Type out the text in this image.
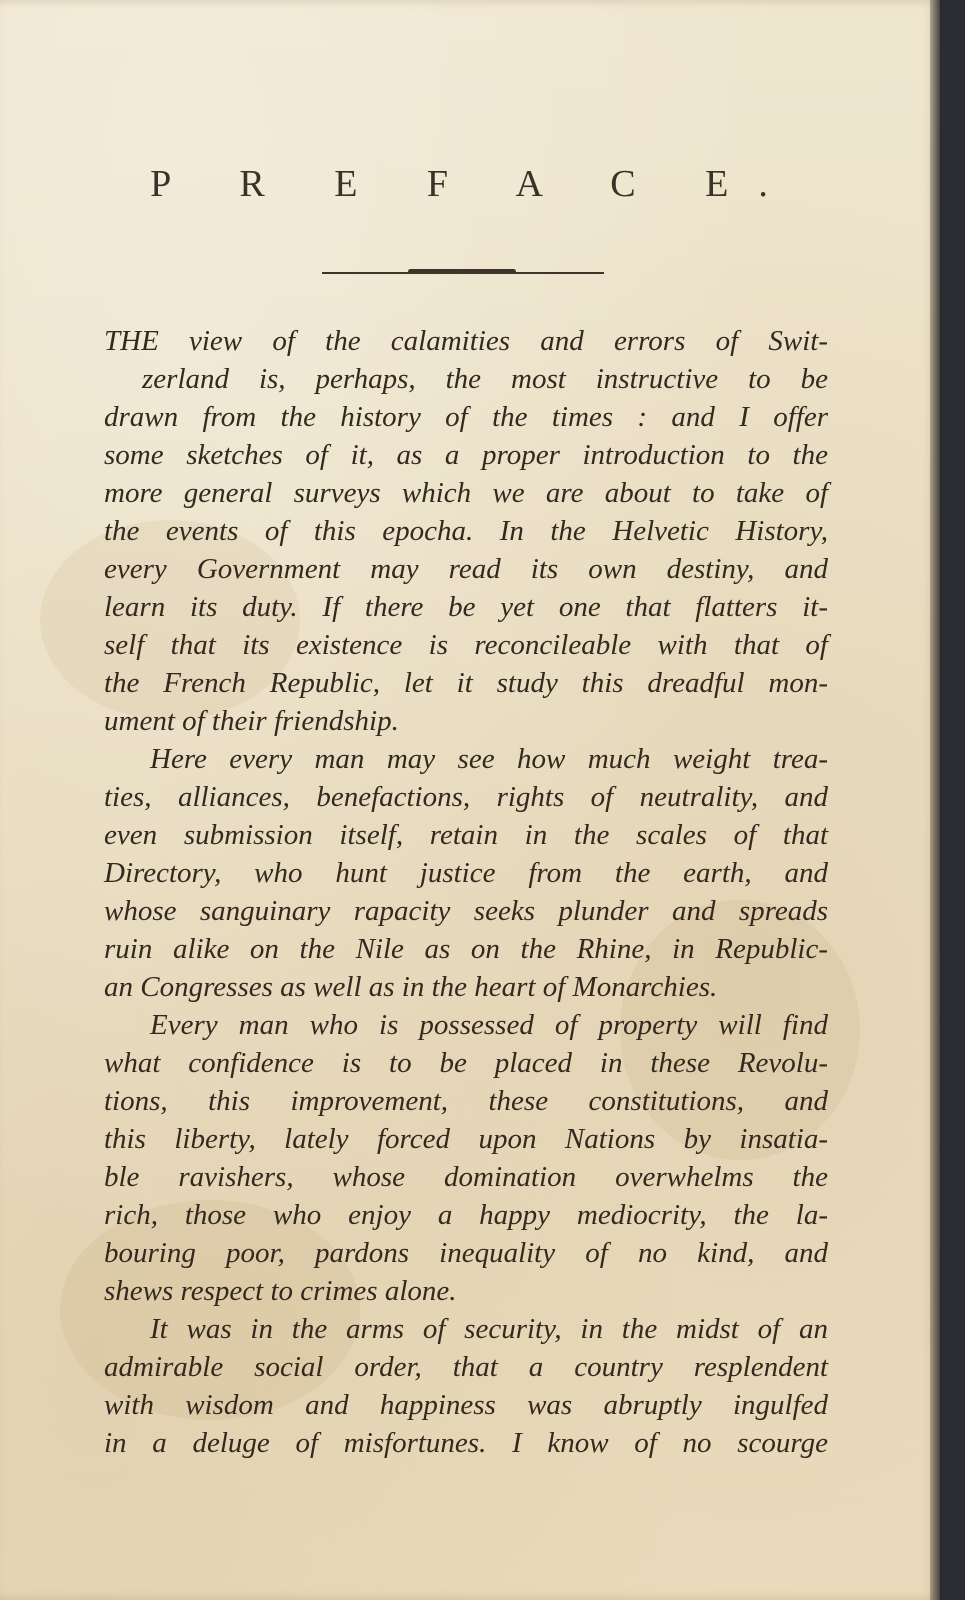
P R E F A C E.
THE view of the calamities and errors of Swit-
zerland is, perhaps, the most instructive to be
drawn from the history of the times : and I offer
some sketches of it, as a proper introduction to the
more general surveys which we are about to take of
the events of this epocha. In the Helvetic History,
every Government may read its own destiny, and
learn its duty. If there be yet one that flatters it-
self that its existence is reconcileable with that of
the French Republic, let it study this dreadful mon-
ument of their friendship.
Here every man may see how much weight trea-
ties, alliances, benefactions, rights of neutrality, and
even submission itself, retain in the scales of that
Directory, who hunt justice from the earth, and
whose sanguinary rapacity seeks plunder and spreads
ruin alike on the Nile as on the Rhine, in Republic-
an Congresses as well as in the heart of Monarchies.
Every man who is possessed of property will find
what confidence is to be placed in these Revolu-
tions, this improvement, these constitutions, and
this liberty, lately forced upon Nations by insatia-
ble ravishers, whose domination overwhelms the
rich, those who enjoy a happy mediocrity, the la-
bouring poor, pardons inequality of no kind, and
shews respect to crimes alone.
It was in the arms of security, in the midst of an
admirable social order, that a country resplendent
with wisdom and happiness was abruptly ingulfed
in a deluge of misfortunes. I know of no scourge
